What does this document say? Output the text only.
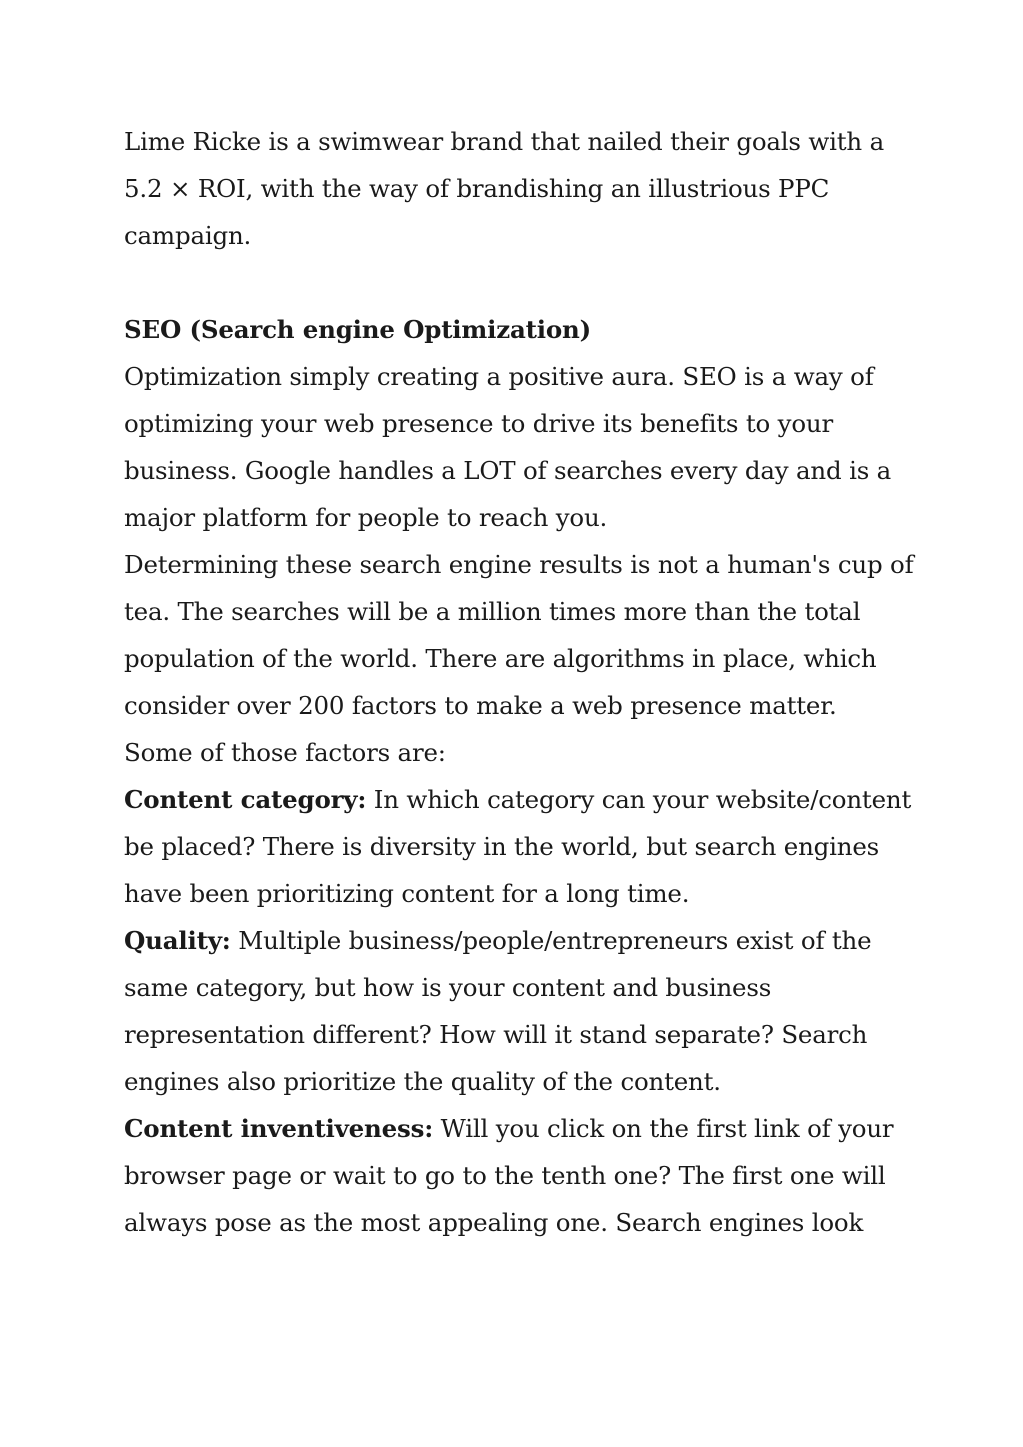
Lime Ricke is a swimwear brand that nailed their goals with a 5.2 × ROI, with the way of brandishing an illustrious PPC campaign.

SEO (Search engine Optimization)

Optimization simply creating a positive aura. SEO is a way of optimizing your web presence to drive its benefits to your business. Google handles a LOT of searches every day and is a major platform for people to reach you.

Determining these search engine results is not a human's cup of tea. The searches will be a million times more than the total population of the world. There are algorithms in place, which consider over 200 factors to make a web presence matter.

Some of those factors are:

Content category: In which category can your website/content be placed? There is diversity in the world, but search engines have been prioritizing content for a long time.

Quality: Multiple business/people/entrepreneurs exist of the same category, but how is your content and business representation different? How will it stand separate? Search engines also prioritize the quality of the content.

Content inventiveness: Will you click on the first link of your browser page or wait to go to the tenth one? The first one will always pose as the most appealing one. Search engines look
